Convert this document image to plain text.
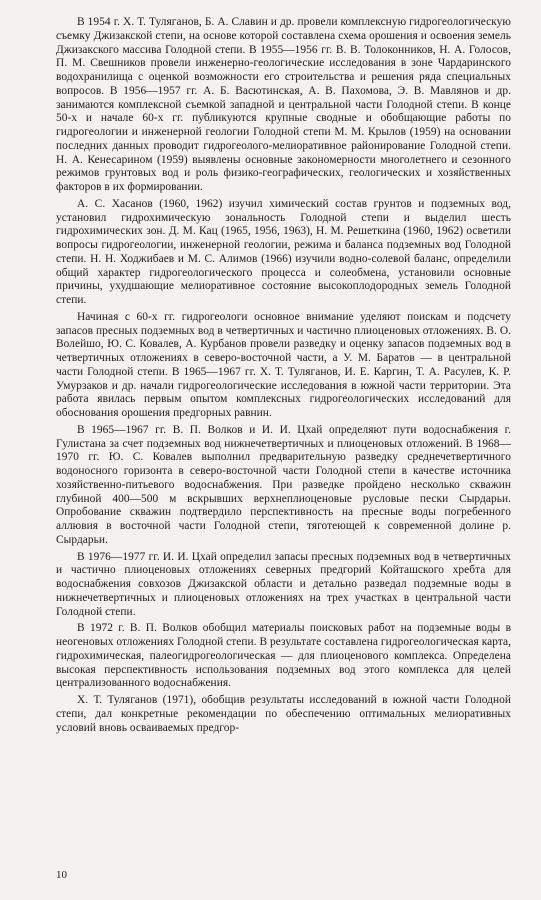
В 1954 г. Х. Т. Туляганов, Б. А. Славин и др. провели комплексную гидрогеологическую съемку Джизакской степи, на основе которой составлена схема орошения и освоения земель Джизакского массива Голодной степи. В 1955—1956 гг. В. В. Толоконников, Н. А. Голосов, П. М. Свешников провели инженерно-геологические исследования в зоне Чардаринского водохранилища с оценкой возможности его строительства и решения ряда специальных вопросов. В 1956—1957 гг. А. Б. Васютинская, А. В. Пахомова, Э. В. Мавлянов и др. занимаются комплексной съемкой западной и центральной части Голодной степи. В конце 50-х и начале 60-х гг. публикуются крупные сводные и обобщающие работы по гидрогеологии и инженерной геологии Голодной степи М. М. Крылов (1959) на основании последних данных проводит гидрогеолого-мелиоративное районирование Голодной степи. Н. А. Кенесарином (1959) выявлены основные закономерности многолетнего и сезонного режимов грунтовых вод и роль физико-географических, геологических и хозяйственных факторов в их формировании.

А. С. Хасанов (1960, 1962) изучил химический состав грунтов и подземных вод, установил гидрохимическую зональность Голодной степи и выделил шесть гидрохимических зон. Д. М. Кац (1965, 1956, 1963), Н. М. Решеткина (1960, 1962) осветили вопросы гидрогеологии, инженерной геологии, режима и баланса подземных вод Голодной степи. Н. Н. Ходжибаев и М. С. Алимов (1966) изучили водно-солевой баланс, определили общий характер гидрогеологического процесса и солеобмена, установили основные причины, ухудшающие мелиоративное состояние высокоплодородных земель Голодной степи.

Начиная с 60-х гг. гидрогеологи основное внимание уделяют поискам и подсчету запасов пресных подземных вод в четвертичных и частично плиоценовых отложениях. В. О. Волейшо, Ю. С. Ковалев, А. Курбанов провели разведку и оценку запасов подземных вод в четвертичных отложениях в северо-восточной части, а У. М. Баратов — в центральной части Голодной степи. В 1965—1967 гг. Х. Т. Туляганов, И. Е. Каргин, Т. А. Расулев, К. Р. Умурзаков и др. начали гидрогеологические исследования в южной части территории. Эта работа явилась первым опытом комплексных гидрогеологических исследований для обоснования орошения предгорных равнин.

В 1965—1967 гг. В. П. Волков и И. И. Цхай определяют пути водоснабжения г. Гулистана за счет подземных вод нижнечетвертичных и плиоценовых отложений. В 1968—1970 гг. Ю. С. Ковалев выполнил предварительную разведку среднечетвертичного водоносного горизонта в северо-восточной части Голодной степи в качестве источника хозяйственно-питьевого водоснабжения. При разведке пройдено несколько скважин глубиной 400—500 м вскрывших верхнеплиоценовые русловые пески Сырдарьи. Опробование скважин подтвердило перспективность на пресные воды погребенного аллювия в восточной части Голодной степи, тяготеющей к современной долине р. Сырдарьи.

В 1976—1977 гг. И. И. Цхай определил запасы пресных подземных вод в четвертичных и частично плиоценовых отложениях северных предгорий Койташского хребта для водоснабжения совхозов Джизакской области и детально разведал подземные воды в нижнечетвертичных и плиоценовых отложениях на трех участках в центральной части Голодной степи.

В 1972 г. В. П. Волков обобщил материалы поисковых работ на подземные воды в неогеновых отложениях Голодной степи. В результате составлена гидрогеологическая карта, гидрохимическая, палеогидрогеологическая — для плиоценового комплекса. Определена высокая перспективность использования подземных вод этого комплекса для целей централизованного водоснабжения.

Х. Т. Туляганов (1971), обобщив результаты исследований в южной части Голодной степи, дал конкретные рекомендации по обеспечению оптимальных мелиоративных условий вновь осваиваемых предгор-

10
